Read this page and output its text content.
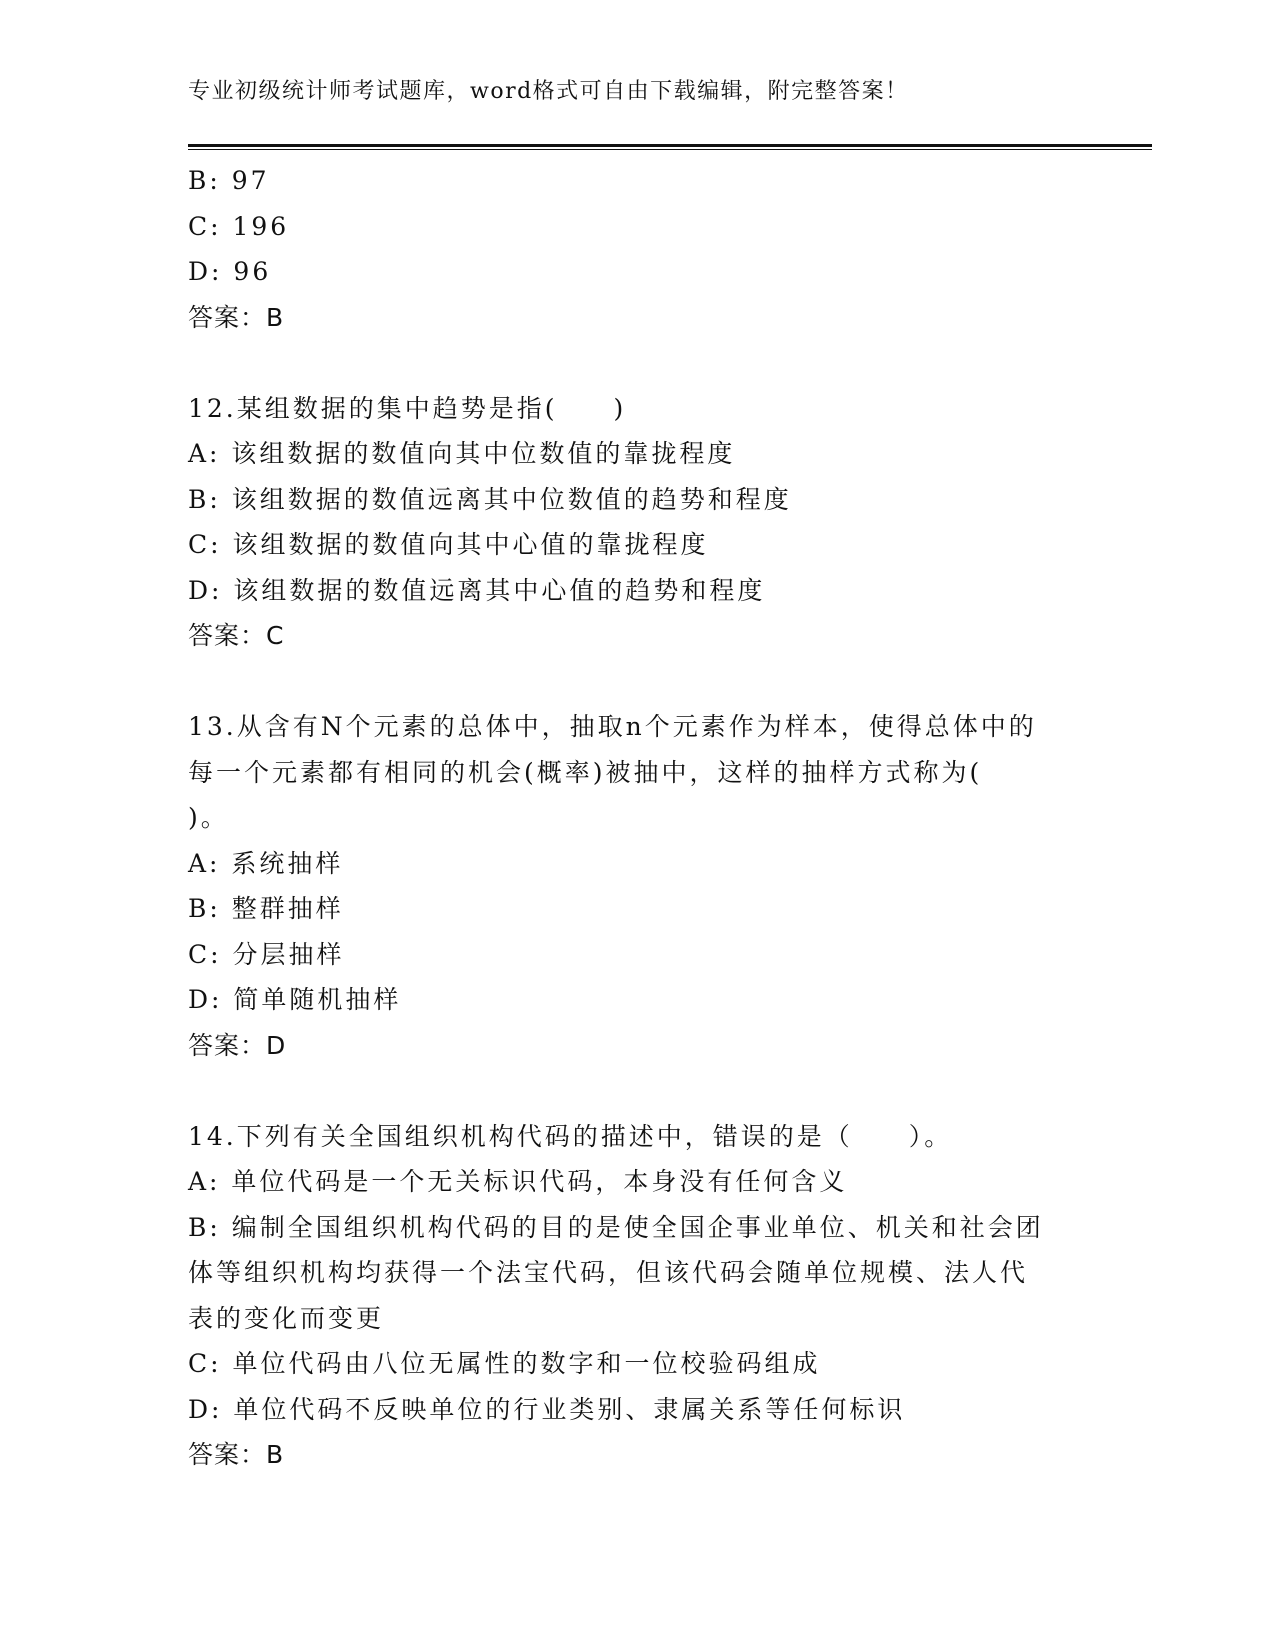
专业初级统计师考试题库，word格式可自由下载编辑，附完整答案！
B: 97
C: 196
D: 96
答案：B
12.某组数据的集中趋势是指(　　)
A: 该组数据的数值向其中位数值的靠拢程度
B: 该组数据的数值远离其中位数值的趋势和程度
C: 该组数据的数值向其中心值的靠拢程度
D: 该组数据的数值远离其中心值的趋势和程度
答案：C
13.从含有N个元素的总体中，抽取n个元素作为样本，使得总体中的
每一个元素都有相同的机会(概率)被抽中，这样的抽样方式称为(
)。
A: 系统抽样
B: 整群抽样
C: 分层抽样
D: 简单随机抽样
答案：D
14.下列有关全国组织机构代码的描述中，错误的是（　　）。
A: 单位代码是一个无关标识代码，本身没有任何含义
B: 编制全国组织机构代码的目的是使全国企事业单位、机关和社会团
体等组织机构均获得一个法宝代码，但该代码会随单位规模、法人代
表的变化而变更
C: 单位代码由八位无属性的数字和一位校验码组成
D: 单位代码不反映单位的行业类别、隶属关系等任何标识
答案：B
